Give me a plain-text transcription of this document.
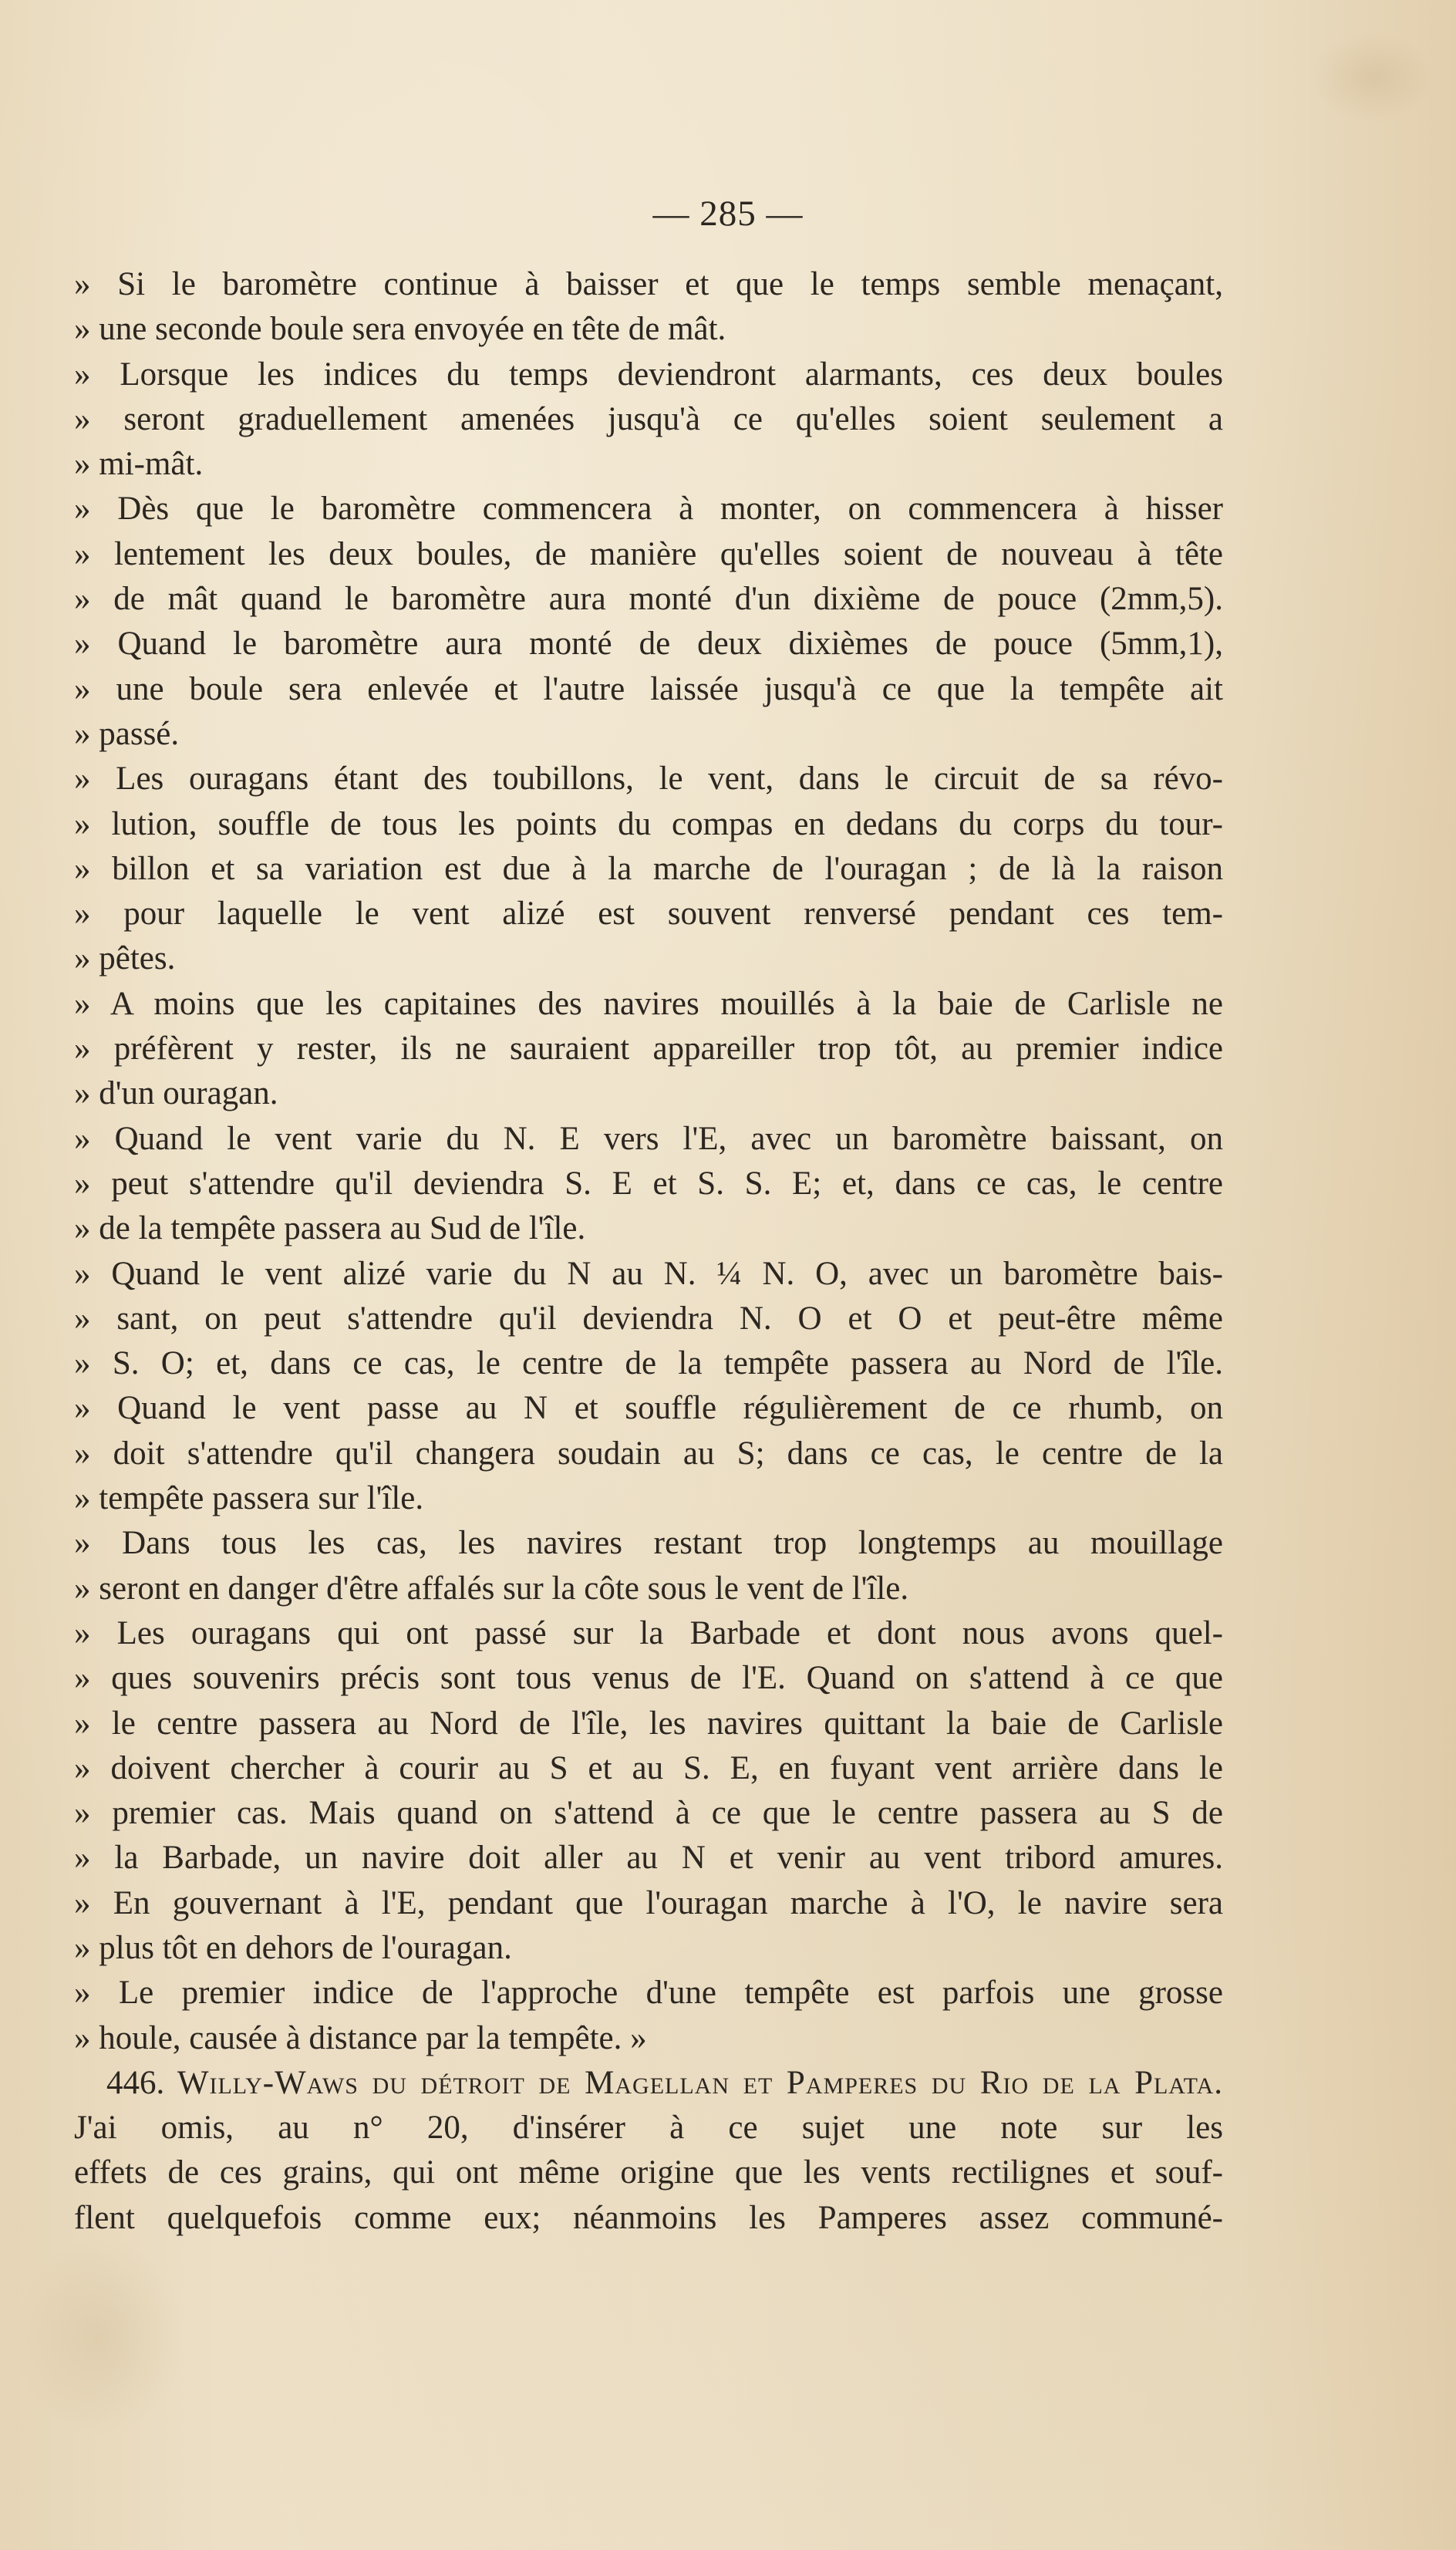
— 285 —
» Si le baromètre continue à baisser et que le temps semble menaçant,
» une seconde boule sera envoyée en tête de mât.
» Lorsque les indices du temps deviendront alarmants, ces deux boules
» seront graduellement amenées jusqu'à ce qu'elles soient seulement a
» mi-mât.
» Dès que le baromètre commencera à monter, on commencera à hisser
» lentement les deux boules, de manière qu'elles soient de nouveau à tête
» de mât quand le baromètre aura monté d'un dixième de pouce (2mm,5).
» Quand le baromètre aura monté de deux dixièmes de pouce (5mm,1),
» une boule sera enlevée et l'autre laissée jusqu'à ce que la tempête ait
» passé.
» Les ouragans étant des toubillons, le vent, dans le circuit de sa révo-
» lution, souffle de tous les points du compas en dedans du corps du tour-
» billon et sa variation est due à la marche de l'ouragan ; de là la raison
» pour laquelle le vent alizé est souvent renversé pendant ces tem-
» pêtes.
» A moins que les capitaines des navires mouillés à la baie de Carlisle ne
» préfèrent y rester, ils ne sauraient appareiller trop tôt, au premier indice
» d'un ouragan.
» Quand le vent varie du N. E vers l'E, avec un baromètre baissant, on
» peut s'attendre qu'il deviendra S. E et S. S. E; et, dans ce cas, le centre
» de la tempête passera au Sud de l'île.
» Quand le vent alizé varie du N au N. ¼ N. O, avec un baromètre bais-
» sant, on peut s'attendre qu'il deviendra N. O et O et peut-être même
» S. O; et, dans ce cas, le centre de la tempête passera au Nord de l'île.
» Quand le vent passe au N et souffle régulièrement de ce rhumb, on
» doit s'attendre qu'il changera soudain au S; dans ce cas, le centre de la
» tempête passera sur l'île.
» Dans tous les cas, les navires restant trop longtemps au mouillage
» seront en danger d'être affalés sur la côte sous le vent de l'île.
» Les ouragans qui ont passé sur la Barbade et dont nous avons quel-
» ques souvenirs précis sont tous venus de l'E. Quand on s'attend à ce que
» le centre passera au Nord de l'île, les navires quittant la baie de Carlisle
» doivent chercher à courir au S et au S. E, en fuyant vent arrière dans le
» premier cas. Mais quand on s'attend à ce que le centre passera au S de
» la Barbade, un navire doit aller au N et venir au vent tribord amures.
» En gouvernant à l'E, pendant que l'ouragan marche à l'O, le navire sera
» plus tôt en dehors de l'ouragan.
» Le premier indice de l'approche d'une tempête est parfois une grosse
» houle, causée à distance par la tempête. »
446. Willy-Waws du détroit de Magellan et Pamperes du Rio de la Plata.
J'ai omis, au n° 20, d'insérer à ce sujet une note sur les
effets de ces grains, qui ont même origine que les vents rectilignes et souf-
flent quelquefois comme eux; néanmoins les Pamperes assez communé-
